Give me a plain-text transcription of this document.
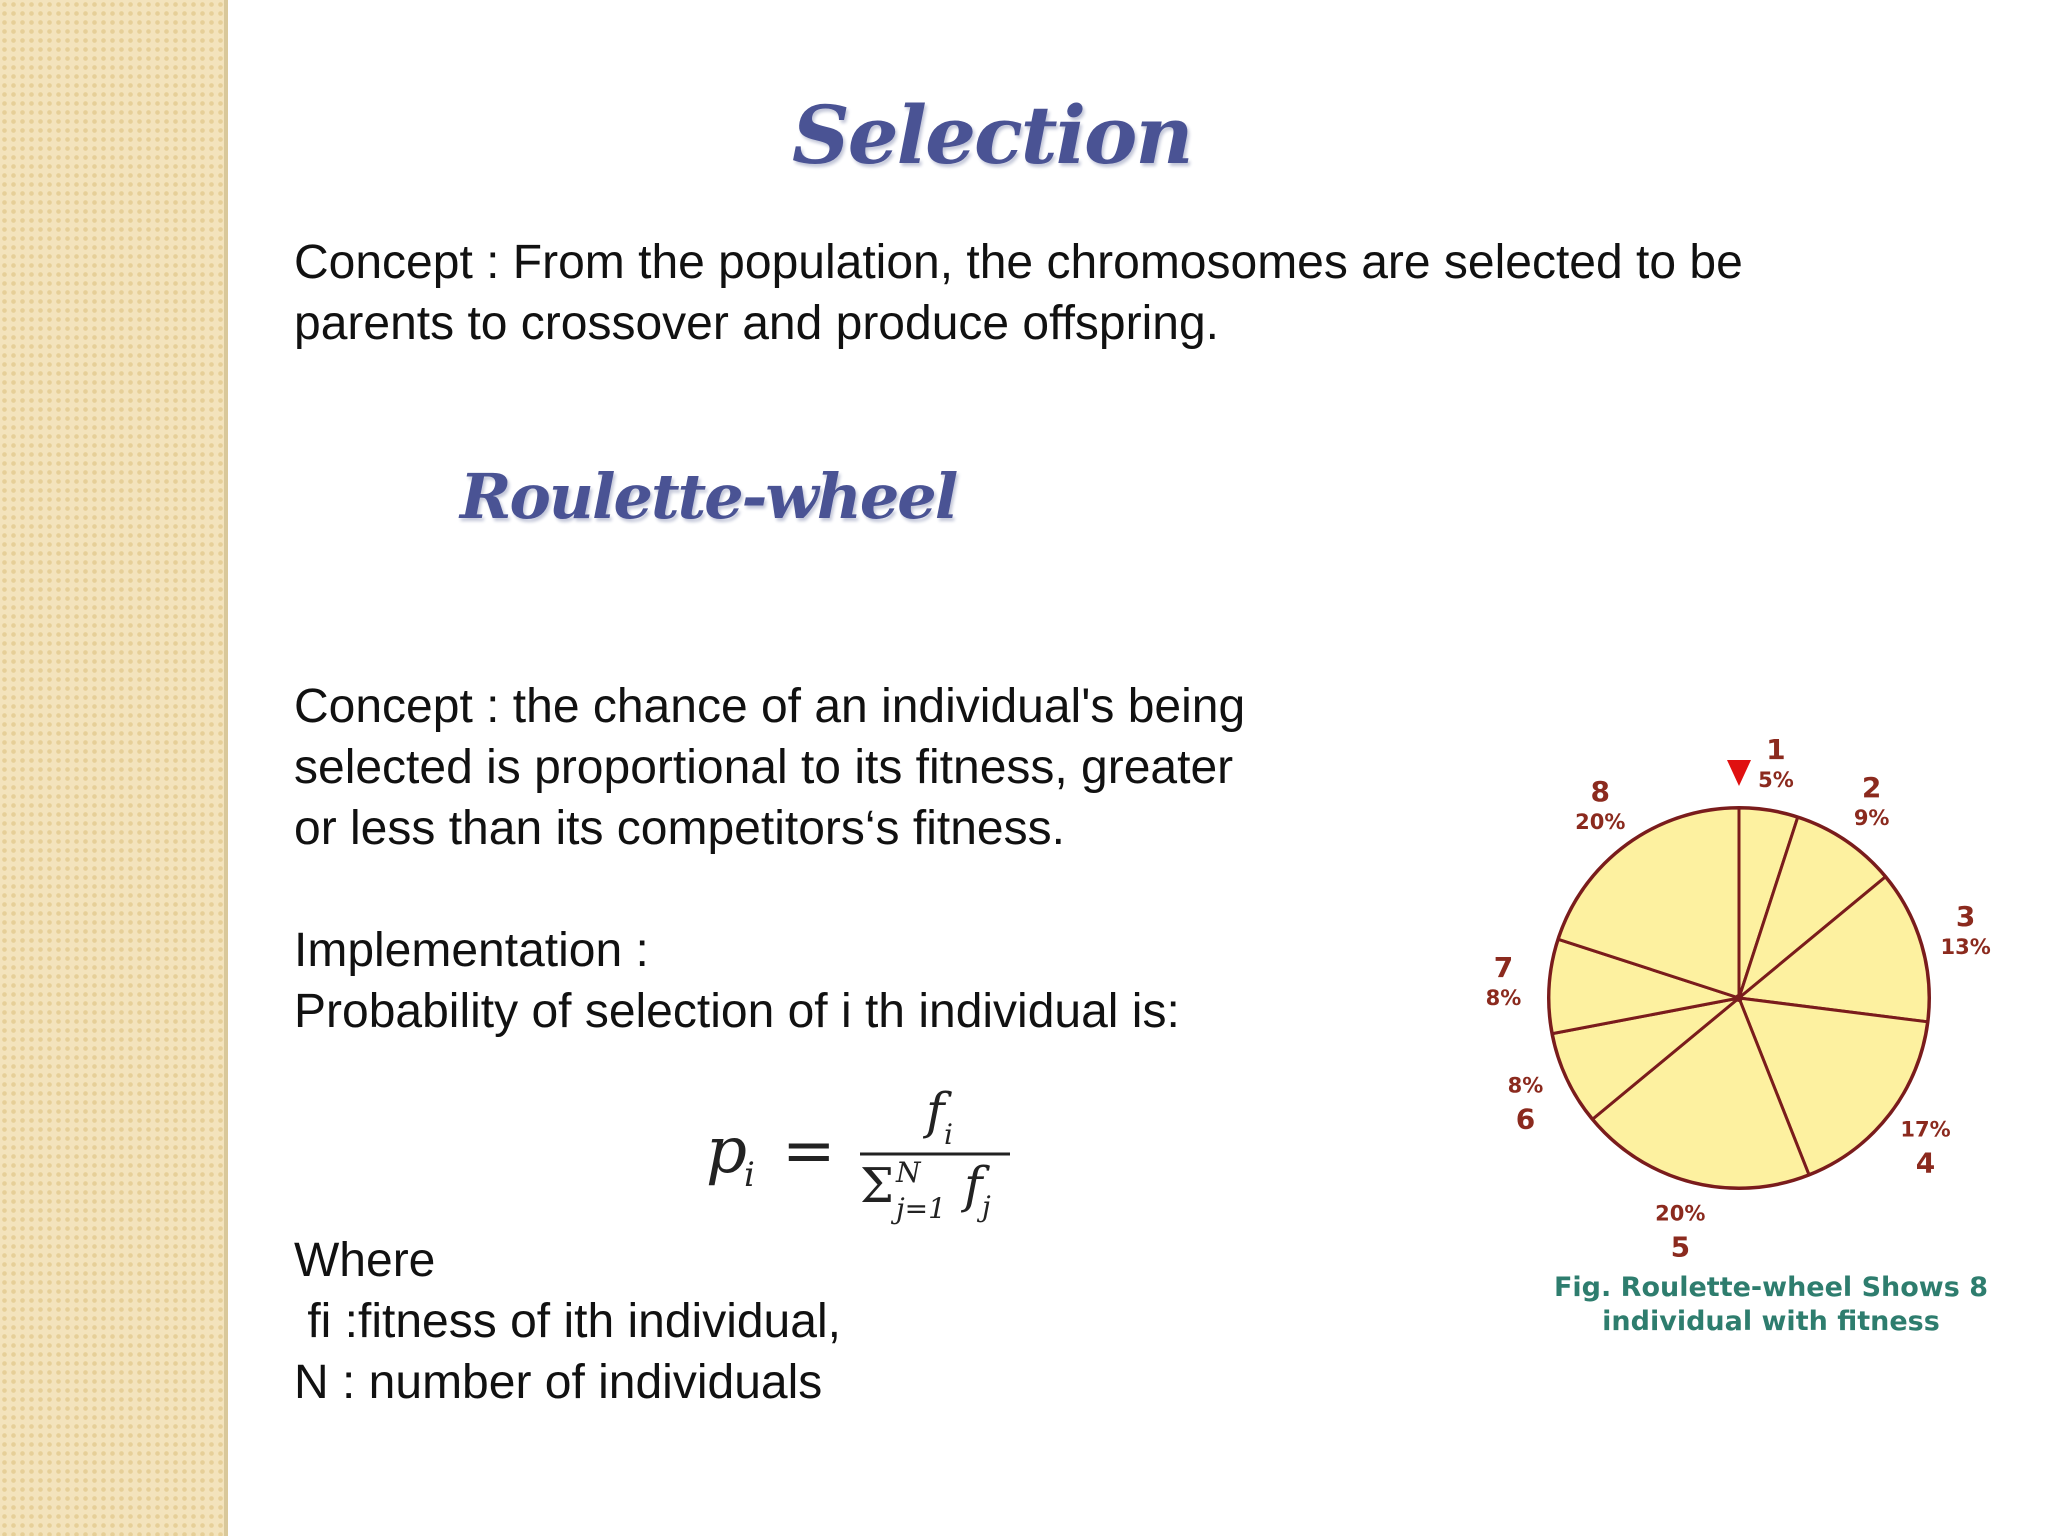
Selection

Concept : From the population, the chromosomes are selected to be
parents to crossover and produce offspring.

Roulette-wheel

Concept : the chance of an individual's being
selected is proportional to its fitness, greater
or less than its competitors‘s fitness.

Implementation :
Probability of selection of i th individual is:

p
i =
f i
Σ N
j=1 f j

Where
fi :fitness of ith individual,
N : number of individuals

1
5% 2
9%
3
13%
4
17%
5
20%
6
8%
7
8%
8
20%
Fig. Roulette-wheel Shows 8
individual with fitness
